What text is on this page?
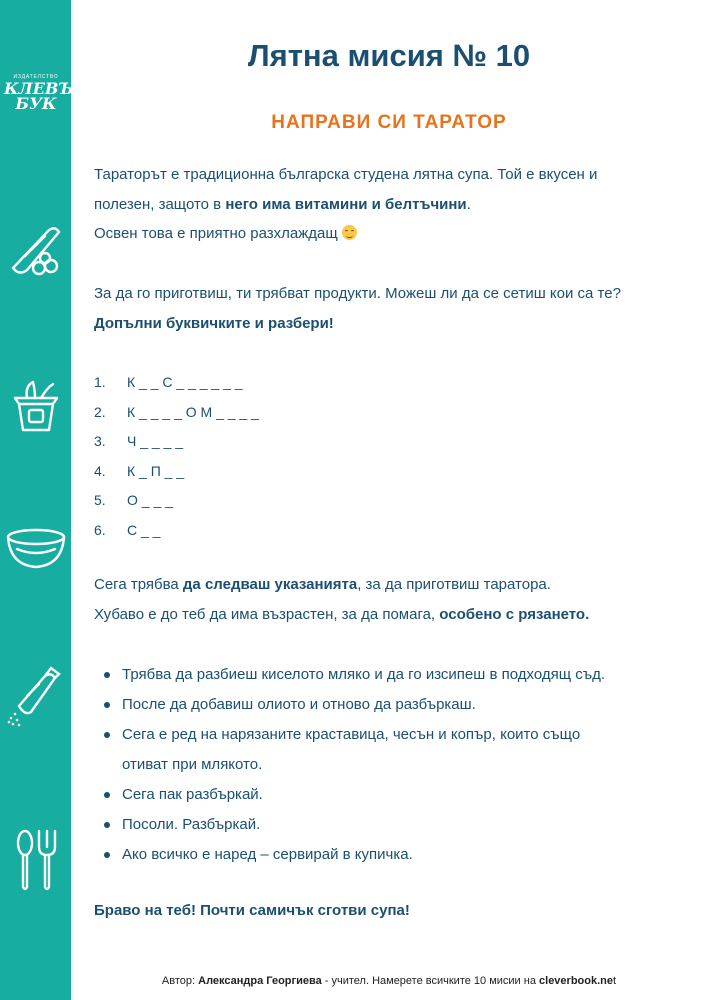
ИЗДАТЕЛСТВО
КЛЕВЪР
БУК
Лятна мисия № 10
НАПРАВИ СИ ТАРАТОР

Тараторът е традиционна българска студена лятна супа. Той е вкусен и

полезен, защото в него има витамини и белтъчини.

Освен това е приятно разхлаждащ

За да го приготвиш, ти трябват продукти. Можеш ли да се сетиш кои са те?

Допълни буквичките и разбери!

1. К _ _ С _ _ _ _ _ _
2. К _ _ _ _ О М _ _ _ _
3. Ч _ _ _ _
4. К _ П _ _
5. О _ _ _
6. С _ _

Сега трябва да следваш указанията, за да приготвиш таратора.

Хубаво е до теб да има възрастен, за да помага, особено с рязането.

Трябва да разбиеш киселото мляко и да го изсипеш в подходящ съд.
После да добавиш олиото и отново да разбъркаш.
Сега е ред на нарязаните краставица, чесън и копър, които също
отиват при млякото.
Сега пак разбъркай.
Посоли. Разбъркай.
Ако всичко е наред – сервирай в купичка.

Браво на теб! Почти самичък сготви супа!

Автор: Александра Георгиева - учител. Намерете всичките 10 мисии на cleverbook.net
